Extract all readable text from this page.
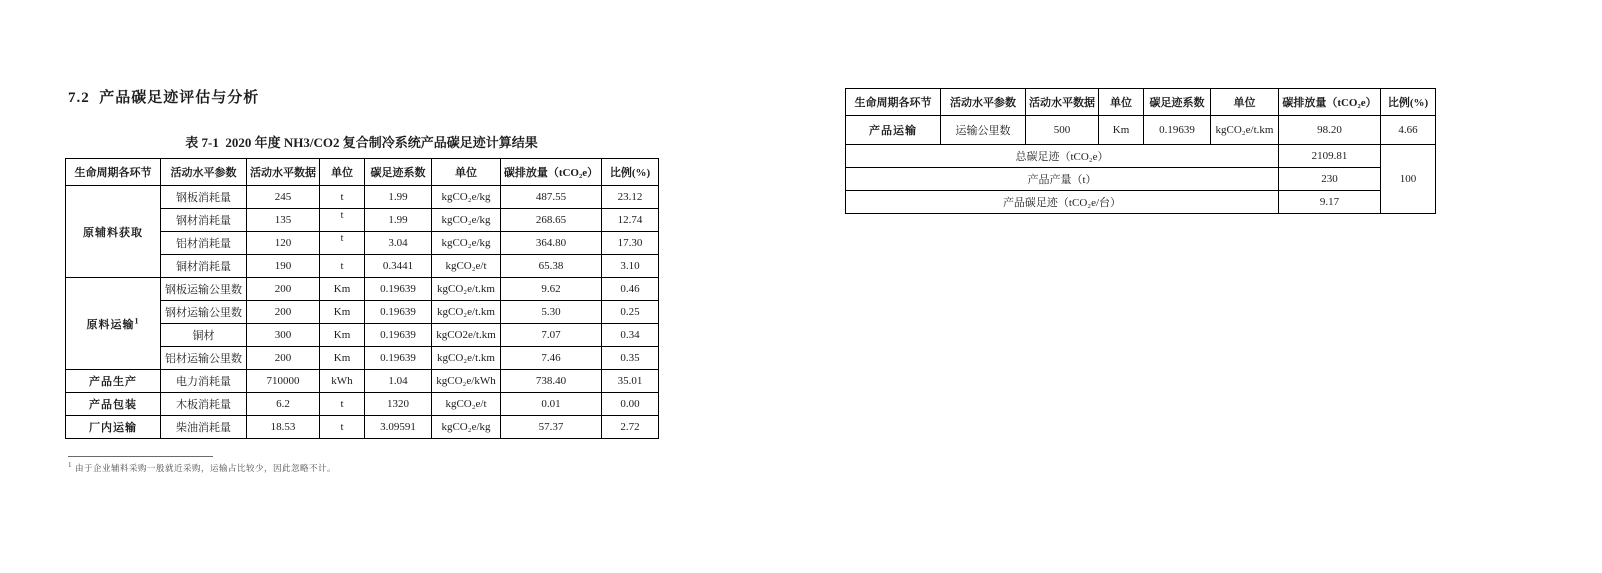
7.2  产品碳足迹评估与分析
表 7-1  2020 年度 NH3/CO2 复合制冷系统产品碳足迹计算结果
生命周期各环节	活动水平参数	活动水平数据	单位	碳足迹系数	单位	碳排放量（tCO₂e）	比例(%)
原辅料获取	钢板消耗量	245	t	1.99	kgCO₂e/kg	487.55	23.12
	钢材消耗量	135	t	1.99	kgCO₂e/kg	268.65	12.74
	铝材消耗量	120	t	3.04	kgCO₂e/kg	364.80	17.30
	铜材消耗量	190	t	0.3441	kgCO₂e/t	65.38	3.10
原料运输$^1$	钢板运输公里数	200	Km	0.19639	kgCO₂e/t.km	9.62	0.46
	钢材运输公里数	200	Km	0.19639	kgCO₂e/t.km	5.30	0.25
	铜材	300	Km	0.19639	kgCO2e/t.km	7.07	0.34
	铝材运输公里数	200	Km	0.19639	kgCO₂e/t.km	7.46	0.35
产品生产	电力消耗量	710000	kWh	1.04	kgCO₂e/kWh	738.40	35.01
产品包装	木板消耗量	6.2	t	1320	kgCO₂e/t	0.01	0.00
厂内运输	柴油消耗量	18.53	t	3.09591	kgCO₂e/kg	57.37	2.72
$^1$ 由于企业辅料采购一般就近采购，运输占比较少，因此忽略不计。
生命周期各环节	活动水平参数	活动水平数据	单位	碳足迹系数	单位	碳排放量（tCO₂e）	比例(%)
产品运输	运输公里数	500	Km	0.19639	kgCO₂e/t.km	98.20	4.66
总碳足迹（tCO₂e）						2109.81	100
产品产量（t）						230	
产品碳足迹（tCO₂e/台）						9.17	
